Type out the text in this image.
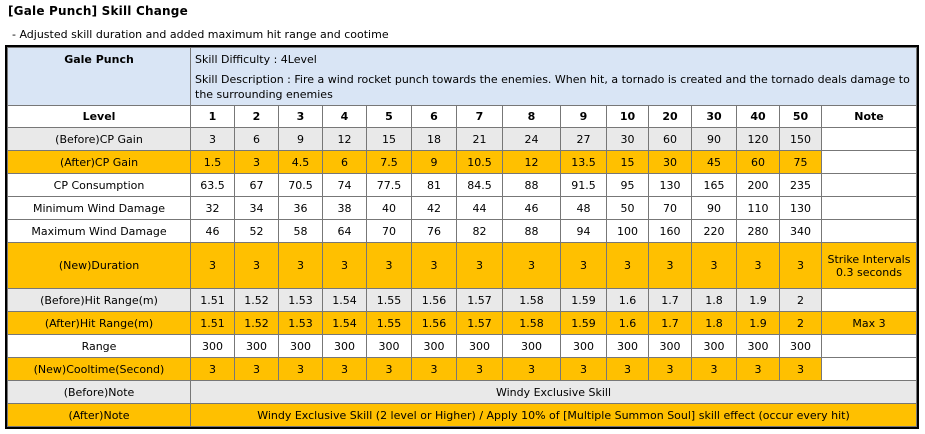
[Gale Punch] Skill Change
- Adjusted skill duration and added maximum hit range and cootime
Gale Punch	Skill Difficulty : 4Level
Skill Description : Fire a wind rocket punch towards the enemies. When hit, a tornado is created and the tornado deals damage to the surrounding enemies														

Level	1	2	3	4	5	6	7	8	9	10	20	30	40	50	Note
(Before)CP Gain	3	6	9	12	15	18	21	24	27	30	60	90	120	150	
(After)CP Gain	1.5	3	4.5	6	7.5	9	10.5	12	13.5	15	30	45	60	75	
CP Consumption	63.5	67	70.5	74	77.5	81	84.5	88	91.5	95	130	165	200	235	
Minimum Wind Damage	32	34	36	38	40	42	44	46	48	50	70	90	110	130	
Maximum Wind Damage	46	52	58	64	70	76	82	88	94	100	160	220	280	340	
(New)Duration	3	3	3	3	3	3	3	3	3	3	3	3	3	3	Strike Intervals 0.3 seconds
(Before)Hit Range(m)	1.51	1.52	1.53	1.54	1.55	1.56	1.57	1.58	1.59	1.6	1.7	1.8	1.9	2	
(After)Hit Range(m)	1.51	1.52	1.53	1.54	1.55	1.56	1.57	1.58	1.59	1.6	1.7	1.8	1.9	2	Max 3
Range	300	300	300	300	300	300	300	300	300	300	300	300	300	300	
(New)Cooltime(Second)	3	3	3	3	3	3	3	3	3	3	3	3	3	3	
(Before)Note	Windy Exclusive Skill														
(After)Note	Windy Exclusive Skill (2 level or Higher) / Apply 10% of [Multiple Summon Soul] skill effect (occur every hit)														
